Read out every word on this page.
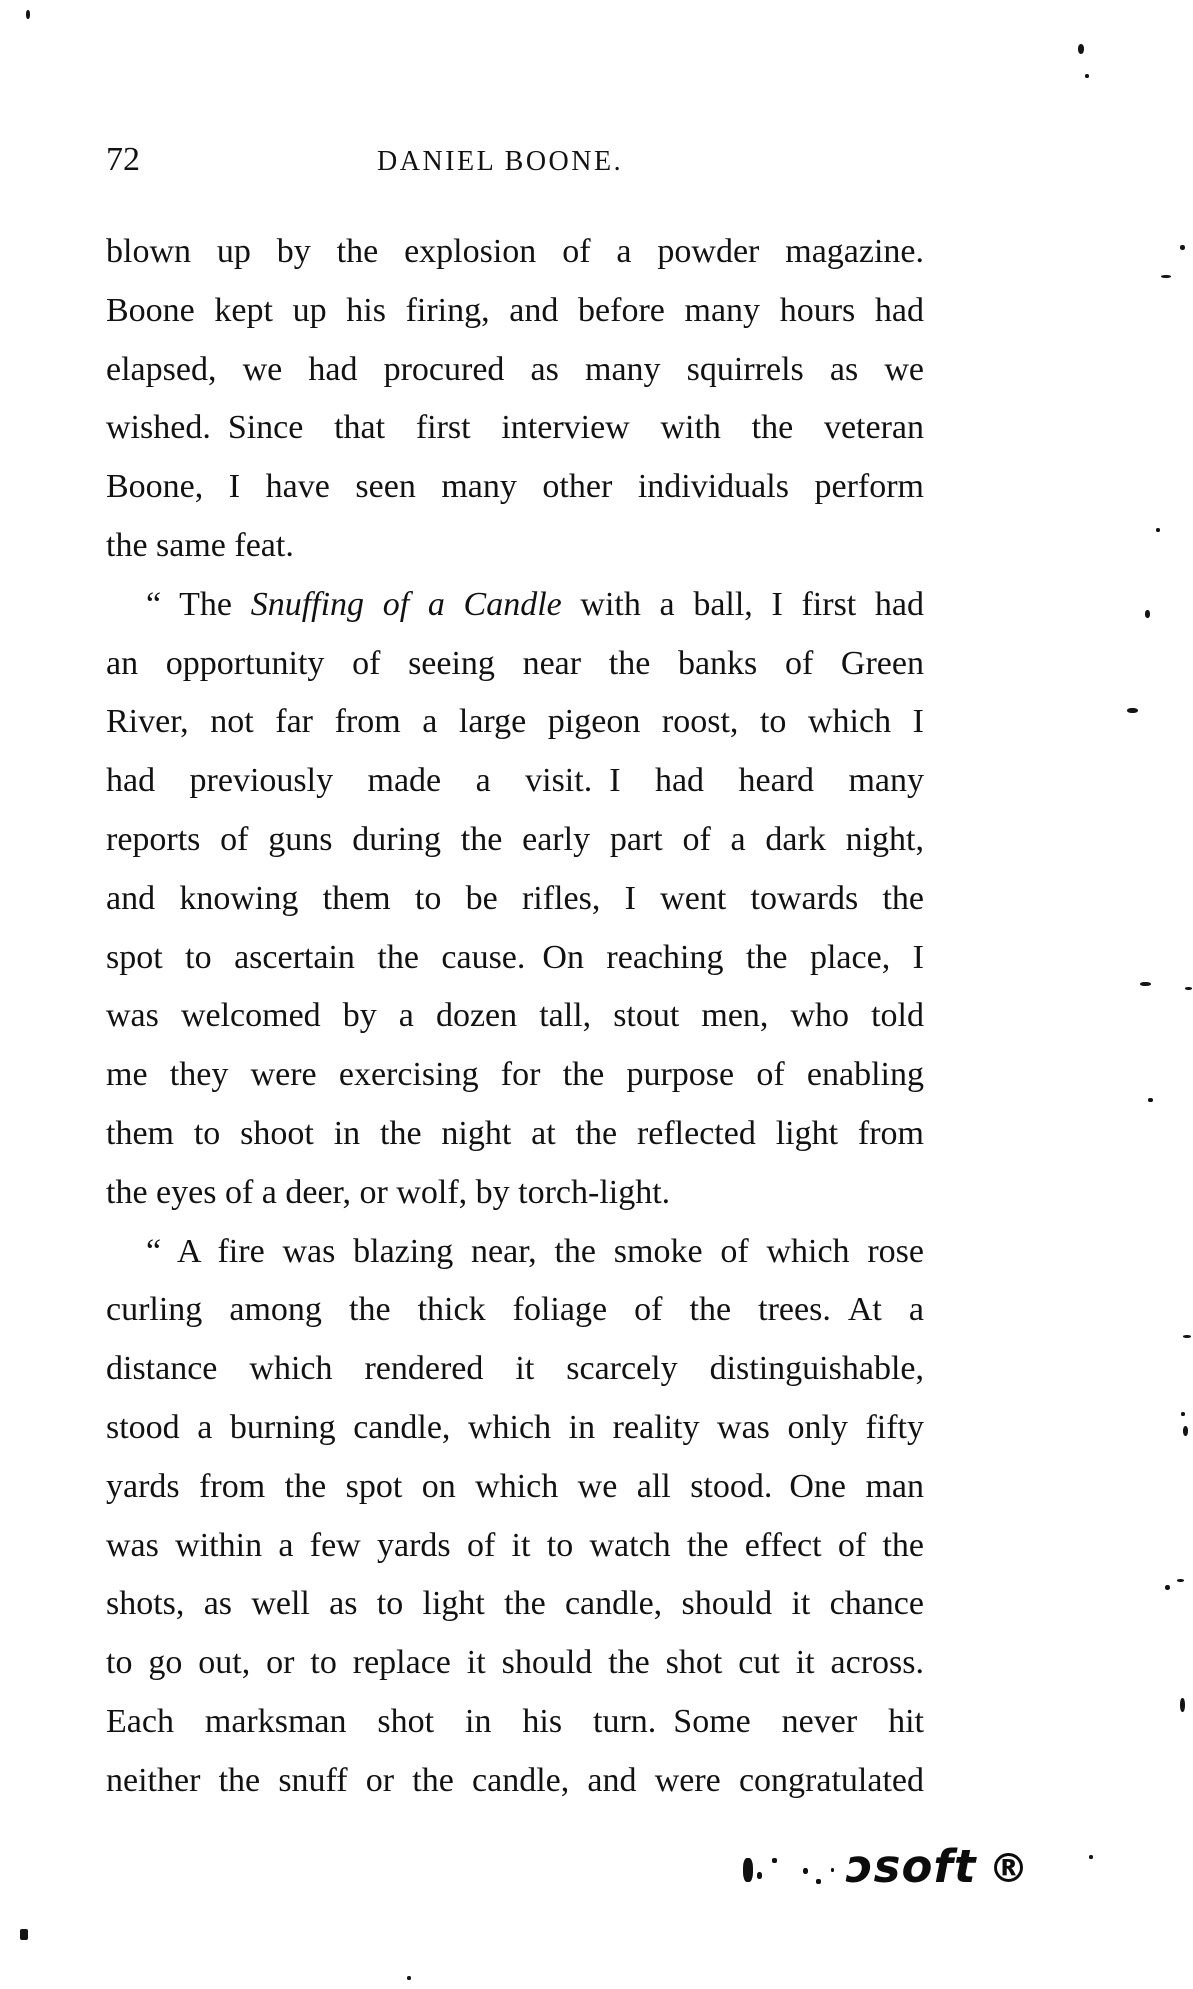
72	DANIEL BOONE.
blown up by the explosion of a powder magazine.
Boone kept up his firing, and before many hours had
elapsed, we had procured as many squirrels as we
wished. Since that first interview with the veteran
Boone, I have seen many other individuals perform
the same feat.
“ The Snuffing of a Candle with a ball, I first had
an opportunity of seeing near the banks of Green
River, not far from a large pigeon roost, to which I
had previously made a visit. I had heard many
reports of guns during the early part of a dark night,
and knowing them to be rifles, I went towards the
spot to ascertain the cause. On reaching the place, I
was welcomed by a dozen tall, stout men, who told
me they were exercising for the purpose of enabling
them to shoot in the night at the reflected light from
the eyes of a deer, or wolf, by torch-light.
“ A fire was blazing near, the smoke of which rose
curling among the thick foliage of the trees. At a
distance which rendered it scarcely distinguishable,
stood a burning candle, which in reality was only fifty
yards from the spot on which we all stood. One man
was within a few yards of it to watch the effect of the
shots, as well as to light the candle, should it chance
to go out, or to replace it should the shot cut it across.
Each marksman shot in his turn. Some never hit
neither the snuff or the candle, and were congratulated
ɔsoft ®
